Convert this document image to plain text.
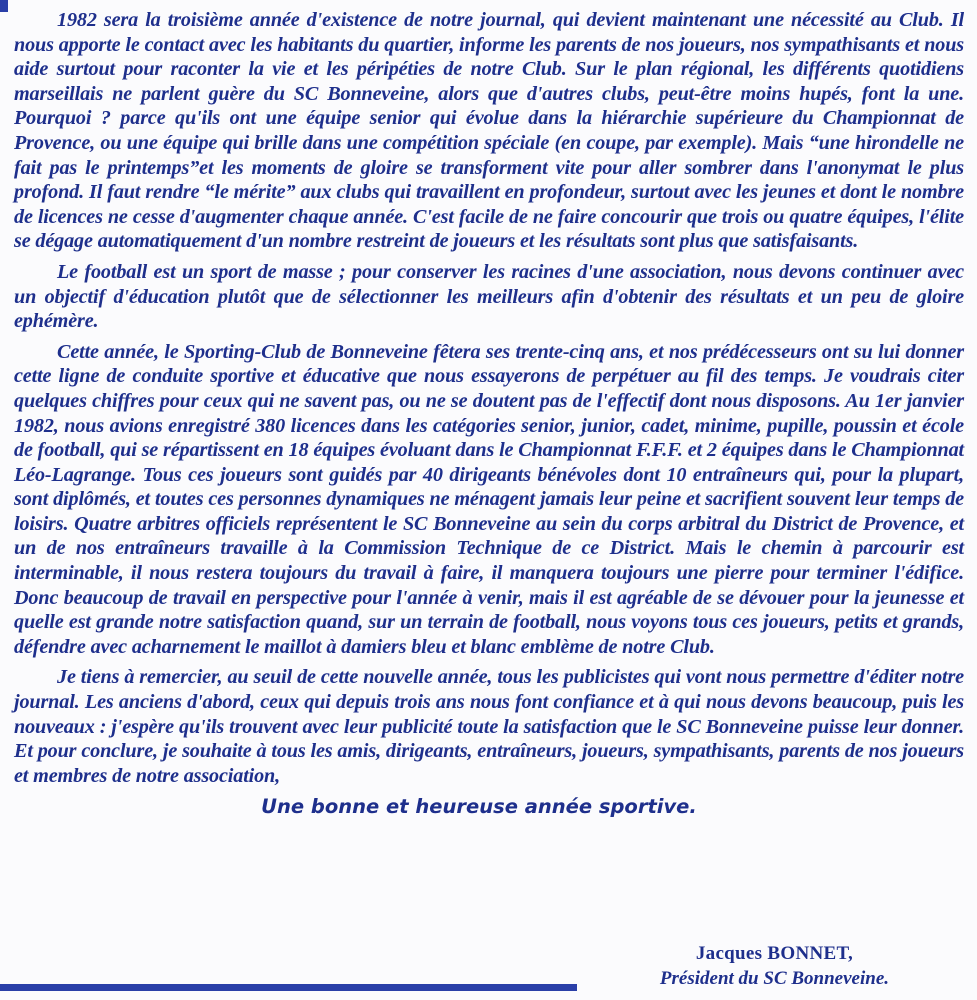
1982 sera la troisième année d'existence de notre journal, qui devient maintenant une nécessité au Club. Il nous apporte le contact avec les habitants du quartier, informe les parents de nos joueurs, nos sympathisants et nous aide surtout pour raconter la vie et les péripéties de notre Club. Sur le plan régional, les différents quotidiens marseillais ne parlent guère du SC Bonneveine, alors que d'autres clubs, peut-être moins hupés, font la une. Pourquoi ? parce qu'ils ont une équipe senior qui évolue dans la hiérarchie supérieure du Championnat de Provence, ou une équipe qui brille dans une compétition spéciale (en coupe, par exemple). Mais “une hirondelle ne fait pas le printemps”et les moments de gloire se transforment vite pour aller sombrer dans l'anonymat le plus profond. Il faut rendre “le mérite” aux clubs qui travaillent en profondeur, surtout avec les jeunes et dont le nombre de licences ne cesse d'augmenter chaque année. C'est facile de ne faire concourir que trois ou quatre équipes, l'élite se dégage automatiquement d'un nombre restreint de joueurs et les résultats sont plus que satisfaisants.

Le football est un sport de masse ; pour conserver les racines d'une association, nous devons continuer avec un objectif d'éducation plutôt que de sélectionner les meilleurs afin d'obtenir des résultats et un peu de gloire ephémère.

Cette année, le Sporting-Club de Bonneveine fêtera ses trente-cinq ans, et nos prédécesseurs ont su lui donner cette ligne de conduite sportive et éducative que nous essayerons de perpétuer au fil des temps. Je voudrais citer quelques chiffres pour ceux qui ne savent pas, ou ne se doutent pas de l'effectif dont nous disposons. Au 1er janvier 1982, nous avions enregistré 380 licences dans les catégories senior, junior, cadet, minime, pupille, poussin et école de football, qui se répartissent en 18 équipes évoluant dans le Championnat F.F.F. et 2 équipes dans le Championnat Léo-Lagrange. Tous ces joueurs sont guidés par 40 dirigeants bénévoles dont 10 entraîneurs qui, pour la plupart, sont diplômés, et toutes ces personnes dynamiques ne ménagent jamais leur peine et sacrifient souvent leur temps de loisirs. Quatre arbitres officiels représentent le SC Bonneveine au sein du corps arbitral du District de Provence, et un de nos entraîneurs travaille à la Commission Technique de ce District. Mais le chemin à parcourir est interminable, il nous restera toujours du travail à faire, il manquera toujours une pierre pour terminer l'édifice. Donc beaucoup de travail en perspective pour l'année à venir, mais il est agréable de se dévouer pour la jeunesse et quelle est grande notre satisfaction quand, sur un terrain de football, nous voyons tous ces joueurs, petits et grands, défendre avec acharnement le maillot à damiers bleu et blanc emblème de notre Club.

Je tiens à remercier, au seuil de cette nouvelle année, tous les publicistes qui vont nous permettre d'éditer notre journal. Les anciens d'abord, ceux qui depuis trois ans nous font confiance et à qui nous devons beaucoup, puis les nouveaux : j'espère qu'ils trouvent avec leur publicité toute la satisfaction que le SC Bonneveine puisse leur donner. Et pour conclure, je souhaite à tous les amis, dirigeants, entraîneurs, joueurs, sympathisants, parents de nos joueurs et membres de notre association,

Une bonne et heureuse année sportive.

Jacques BONNET,
Président du SC Bonneveine.
